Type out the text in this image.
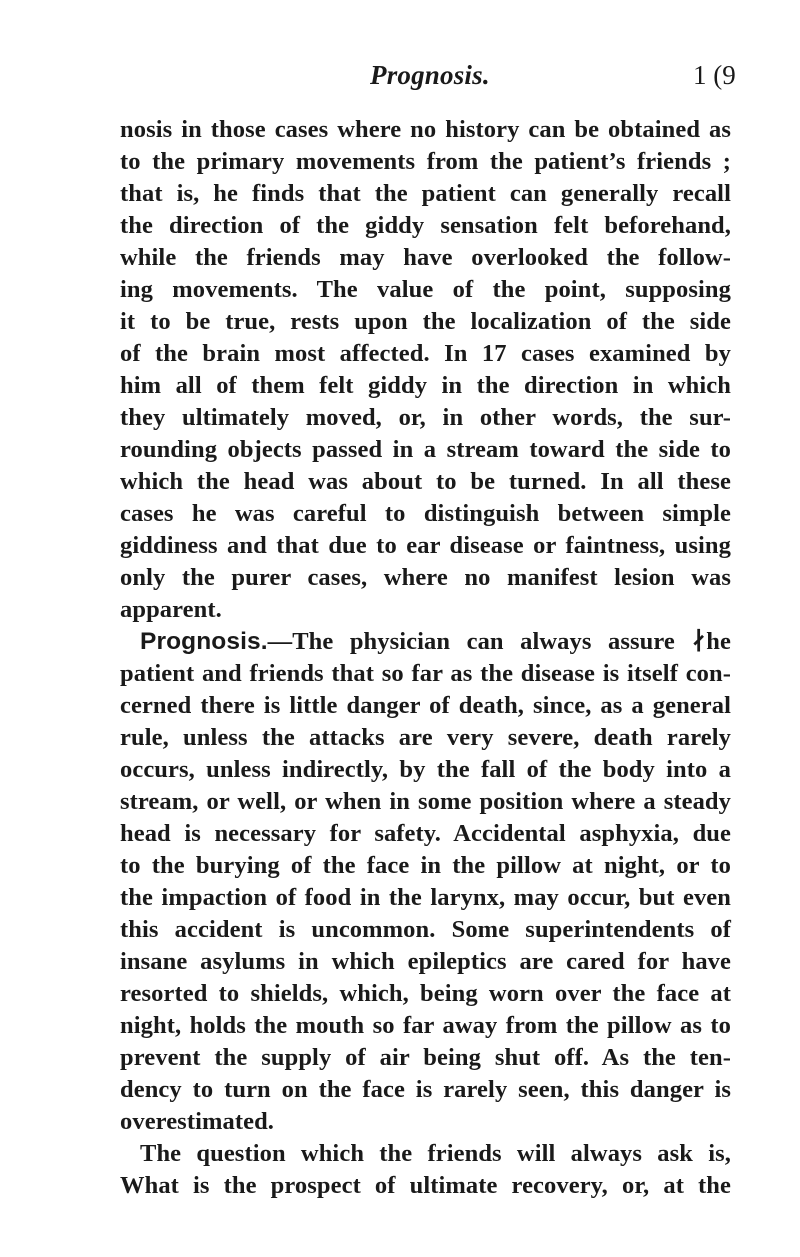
Prognosis.	1 (9
nosis in those cases where no history can be obtained as
to the primary movements from the patient’s friends ;
that is, he finds that the patient can generally recall
the direction of the giddy sensation felt beforehand,
while the friends may have overlooked the follow-
ing movements. The value of the point, supposing
it to be true, rests upon the localization of the side
of the brain most affected. In 17 cases examined by
him all of them felt giddy in the direction in which
they ultimately moved, or, in other words, the sur-
rounding objects passed in a stream toward the side to
which the head was about to be turned. In all these
cases he was careful to distinguish between simple
giddiness and that due to ear disease or faintness, using
only the purer cases, where no manifest lesion was
apparent.
Prognosis.—The physician can always assure ∤he
patient and friends that so far as the disease is itself con-
cerned there is little danger of death, since, as a general
rule, unless the attacks are very severe, death rarely
occurs, unless indirectly, by the fall of the body into a
stream, or well, or when in some position where a steady
head is necessary for safety. Accidental asphyxia, due
to the burying of the face in the pillow at night, or to
the impaction of food in the larynx, may occur, but even
this accident is uncommon. Some superintendents of
insane asylums in which epileptics are cared for have
resorted to shields, which, being worn over the face at
night, holds the mouth so far away from the pillow as to
prevent the supply of air being shut off. As the ten-
dency to turn on the face is rarely seen, this danger is
overestimated.
The question which the friends will always ask is,
What is the prospect of ultimate recovery, or, at the
